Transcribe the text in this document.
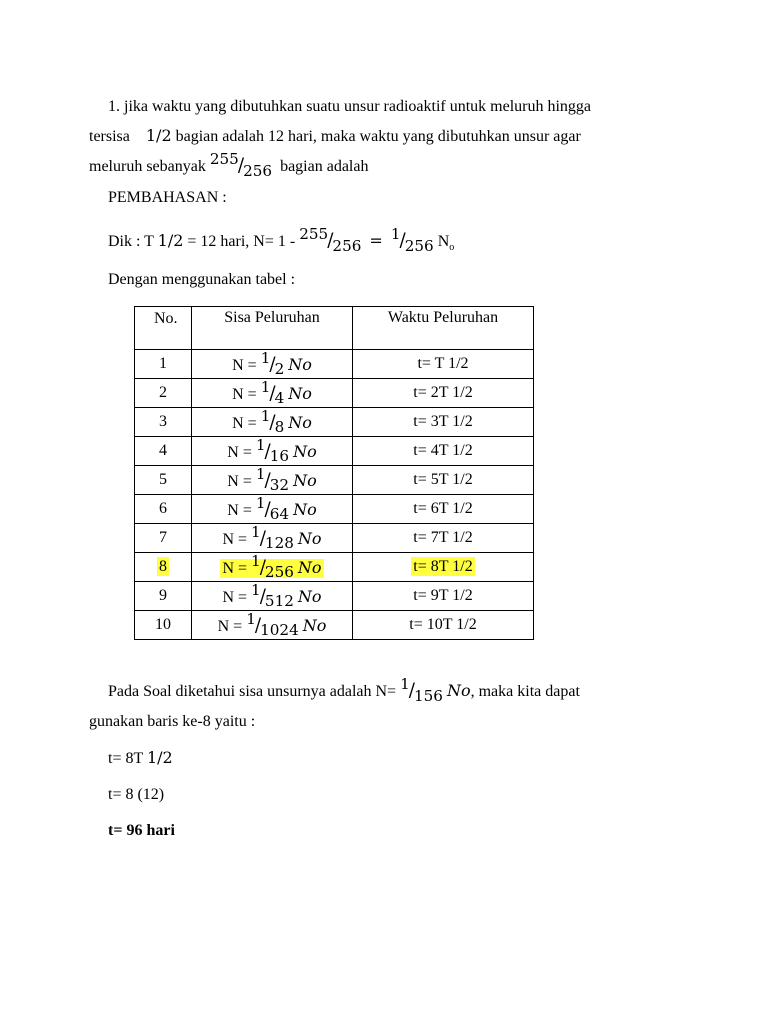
1. jika waktu yang dibutuhkan suatu unsur radioaktif untuk meluruh hingga
tersisa 1/2 bagian adalah 12 hari, maka waktu yang dibutuhkan unsur agar
meluruh sebanyak 255/256 bagian adalah
PEMBAHASAN :
Dik : T 1/2 = 12 hari, N= 1 - 255/256 = 1/256 $N_o$
Dengan menggunakan tabel :
No.	Sisa Peluruhan	Waktu Peluruhan
1	N = 1/2 No	t= T 1/2
2	N = 1/4 No	t= 2T 1/2
3	N = 1/8 No	t= 3T 1/2
4	N = 1/16 No	t= 4T 1/2
5	N = 1/32 No	t= 5T 1/2
6	N = 1/64 No	t= 6T 1/2
7	N = 1/128 No	t= 7T 1/2
8	N = 1/256 No	t= 8T 1/2
9	N = 1/512 No	t= 9T 1/2
10	N = 1/1024 No	t= 10T 1/2
Pada Soal diketahui sisa unsurnya adalah N= 1/156 No, maka kita dapat
gunakan baris ke-8 yaitu :
t= 8T 1/2
t= 8 (12)
t= 96 hari
